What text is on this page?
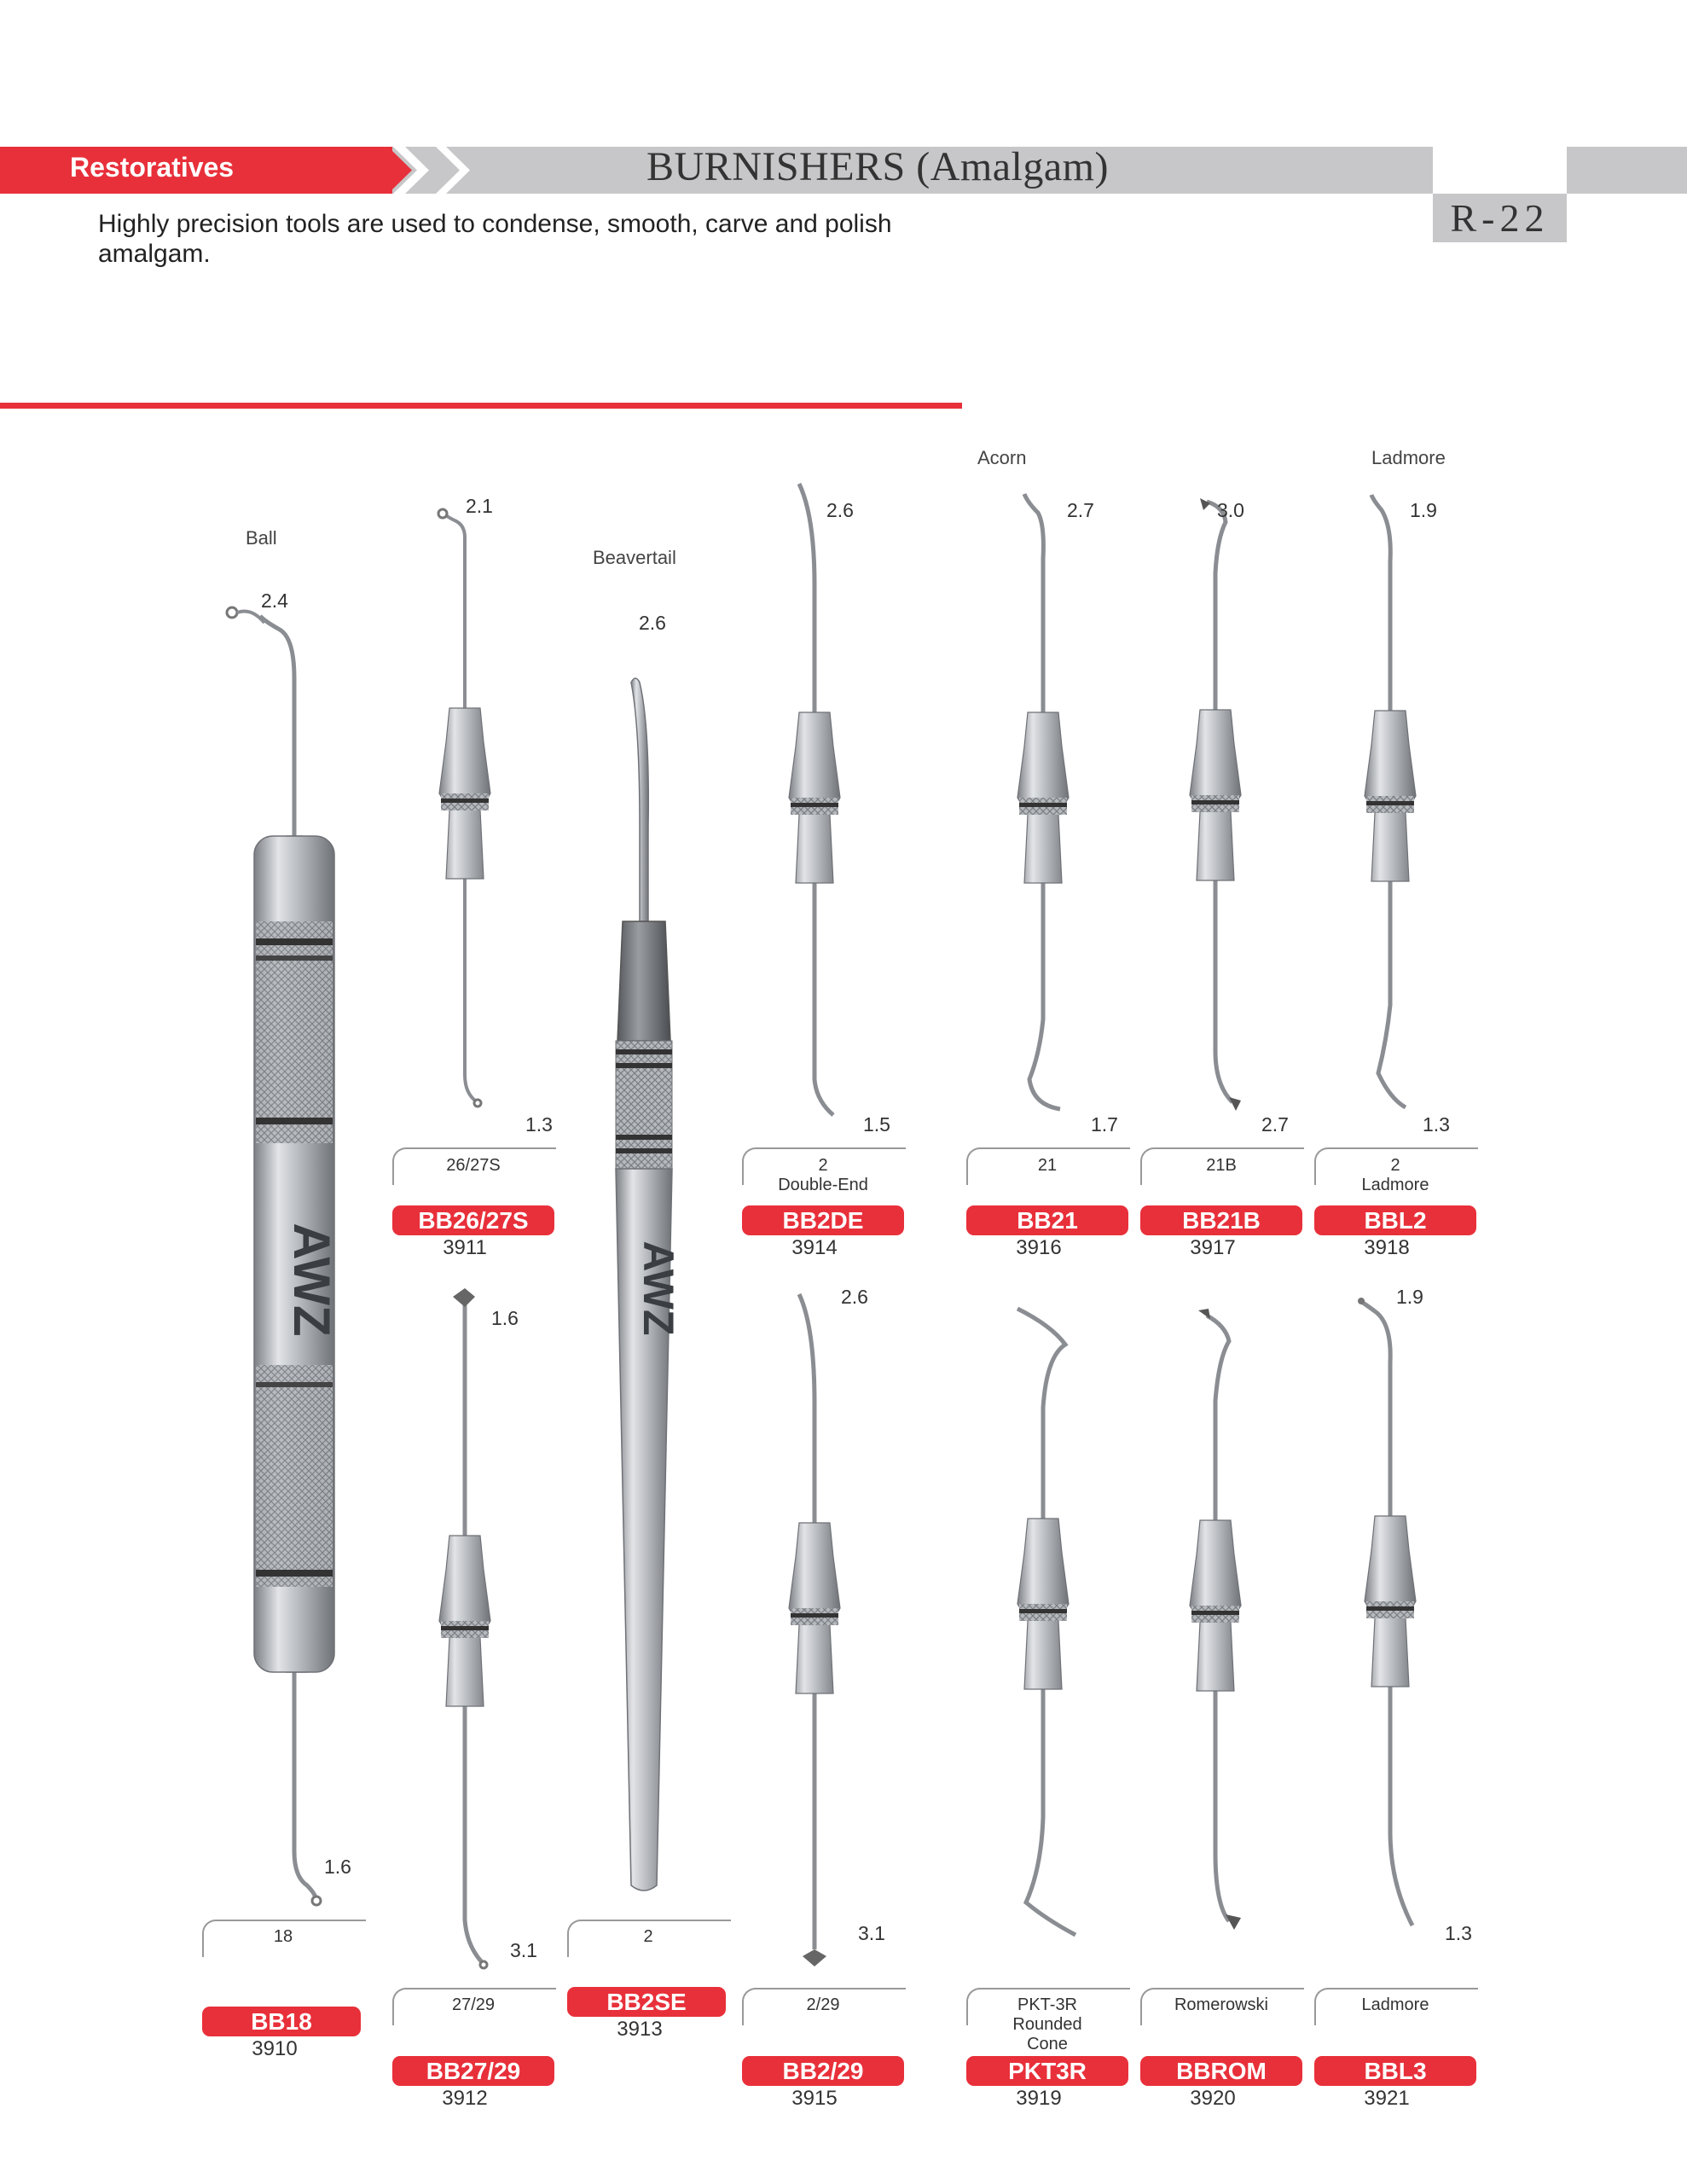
Restoratives	BURNISHERS (Amalgam)
R-22
Highly precision tools are used to condense, smooth, carve and polish amalgam.
Ball
Beavertail
Acorn	Ladmore
AWZ	AWZ
2.4
1.6
2.1
1.3
2.6
2.6
1.5
2.7
1.7
3.0
2.7
1.9
1.3
1.6
3.1
2.6
3.1
1.9
1.3
26/27S
BB26/27S
3911
2
Double-End
BB2DE
3914
21
BB21
3916
21B
BB21B
3917
2
Ladmore
BBL2
3918
18
BB18
3910
2
BB2SE
3913
27/29
BB27/29
3912
2/29
BB2/29
3915
PKT-3R
Rounded
Cone
PKT3R
3919
Romerowski
BBROM
3920
Ladmore
BBL3
3921
